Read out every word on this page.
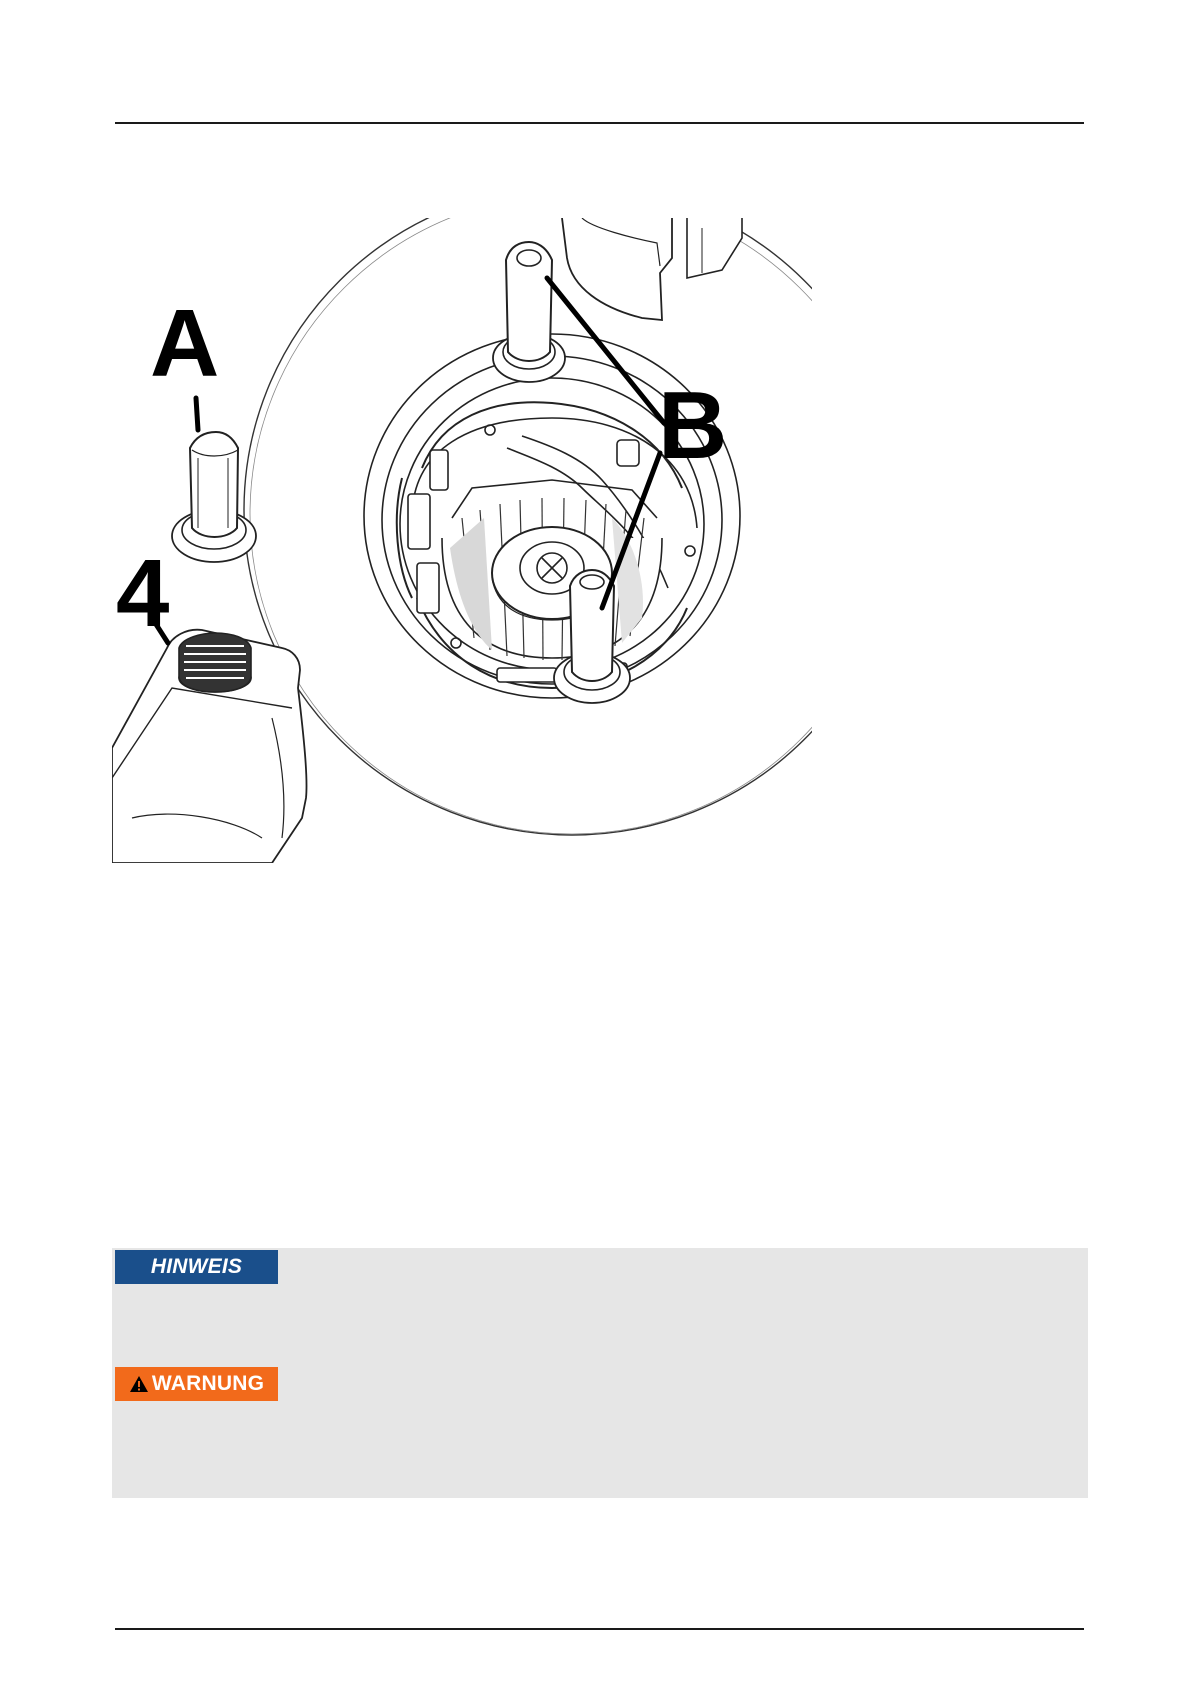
A
B
4
HINWEIS
WARNUNG
